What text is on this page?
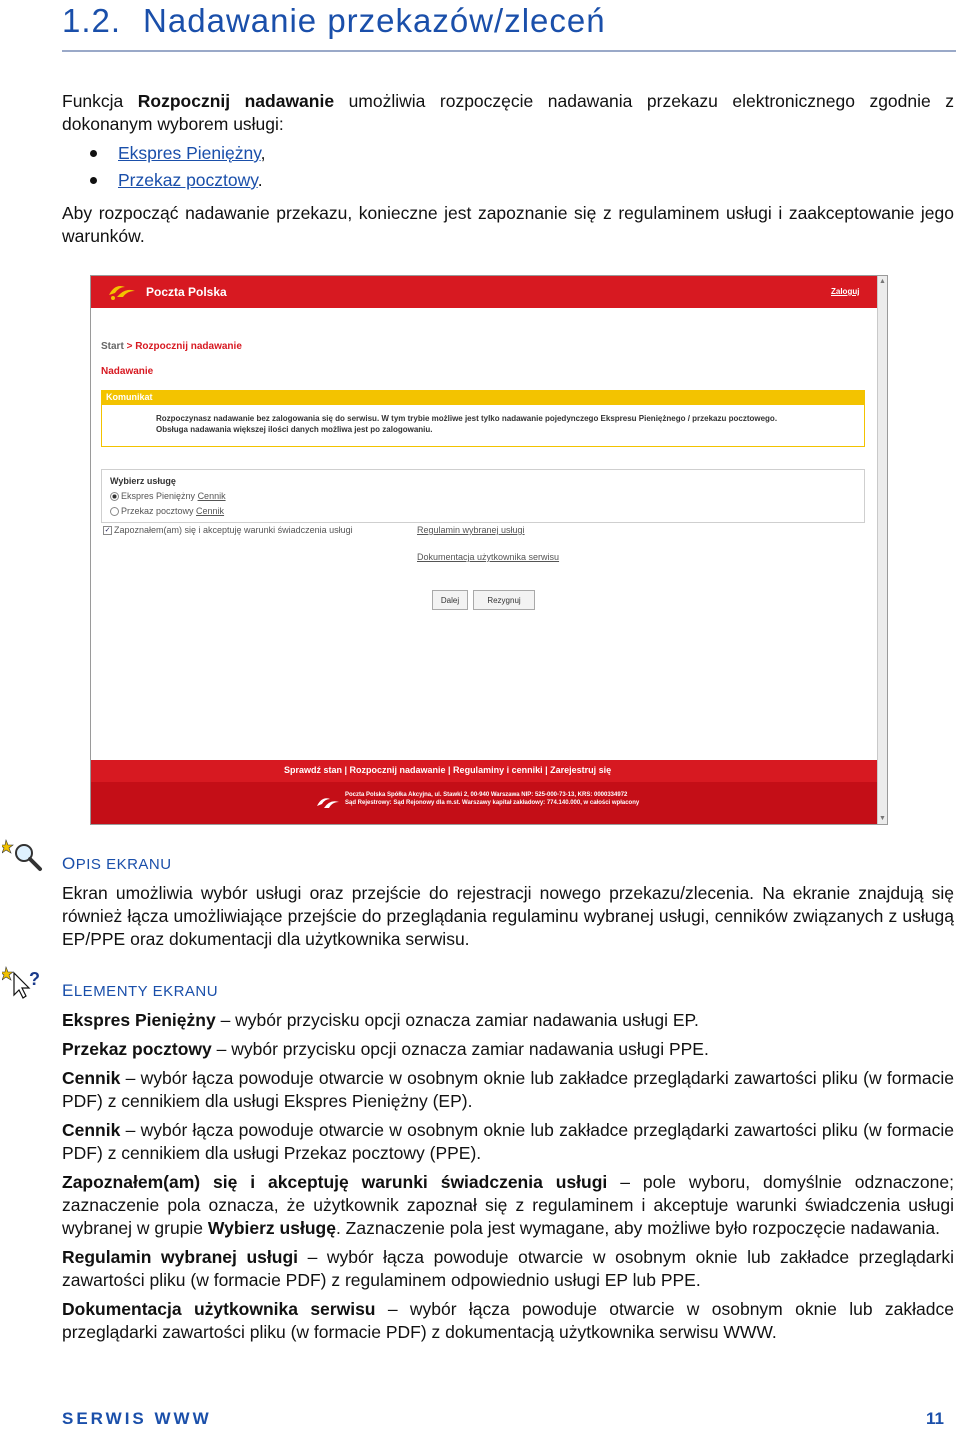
1.2. Nadawanie przekazów/zleceń
Funkcja Rozpocznij nadawanie umożliwia rozpoczęcie nadawania przekazu elektronicznego zgodnie z dokonanym wyborem usługi:
Ekspres Pieniężny,
Przekaz pocztowy.
Aby rozpocząć nadawanie przekazu, konieczne jest zapoznanie się z regulaminem usługi i zaakceptowanie jego warunków.
Poczta Polska	Zaloguj
▲
▼
Start > Rozpocznij nadawanie
Nadawanie
Komunikat
Rozpoczynasz nadawanie bez zalogowania się do serwisu. W tym trybie możliwe jest tylko nadawanie pojedynczego Ekspresu Pieniężnego / przekazu pocztowego.
Obsługa nadawania większej ilości danych możliwa jest po zalogowaniu.
Wybierz usługę
Ekspres Pieniężny Cennik
Przekaz pocztowy Cennik
✓ Zapoznałem(am) się i akceptuję warunki świadczenia usługi	Regulamin wybranej usługi
Dokumentacja użytkownika serwisu
Dalej	Rezygnuj
Sprawdź stan | Rozpocznij nadawanie | Regulaminy i cenniki | Zarejestruj się
Poczta Polska Spółka Akcyjna, ul. Stawki 2, 00-940 Warszawa NIP: 525-000-73-13, KRS: 0000334972
Sąd Rejestrowy: Sąd Rejonowy dla m.st. Warszawy kapitał zakładowy: 774.140.000, w całości wpłacony
OPIS EKRANU
Ekran umożliwia wybór usługi oraz przejście do rejestracji nowego przekazu/zlecenia. Na ekranie znajdują się również łącza umożliwiające przejście do przeglądania regulaminu wybranej usługi, cenników związanych z usługą EP/PPE oraz dokumentacji dla użytkownika serwisu.
?
ELEMENTY EKRANU

Ekspres Pieniężny – wybór przycisku opcji oznacza zamiar nadawania usługi EP.

Przekaz pocztowy – wybór przycisku opcji oznacza zamiar nadawania usługi PPE.

Cennik – wybór łącza powoduje otwarcie w osobnym oknie lub zakładce przeglądarki zawartości pliku (w formacie PDF) z cennikiem dla usługi Ekspres Pieniężny (EP).

Cennik – wybór łącza powoduje otwarcie w osobnym oknie lub zakładce przeglądarki zawartości pliku (w formacie PDF) z cennikiem dla usługi Przekaz pocztowy (PPE).

Zapoznałem(am) się i akceptuję warunki świadczenia usługi – pole wyboru, domyślnie odznaczone; zaznaczenie pola oznacza, że użytkownik zapoznał się z regulaminem i akceptuje warunki świadczenia usługi wybranej w grupie Wybierz usługę. Zaznaczenie pola jest wymagane, aby możliwe było rozpoczęcie nadawania.

Regulamin wybranej usługi – wybór łącza powoduje otwarcie w osobnym oknie lub zakładce przeglądarki zawartości pliku (w formacie PDF) z regulaminem odpowiednio usługi EP lub PPE.

Dokumentacja użytkownika serwisu – wybór łącza powoduje otwarcie w osobnym oknie lub zakładce przeglądarki zawartości pliku (w formacie PDF) z dokumentacją użytkownika serwisu WWW.

SERWIS WWW	11
